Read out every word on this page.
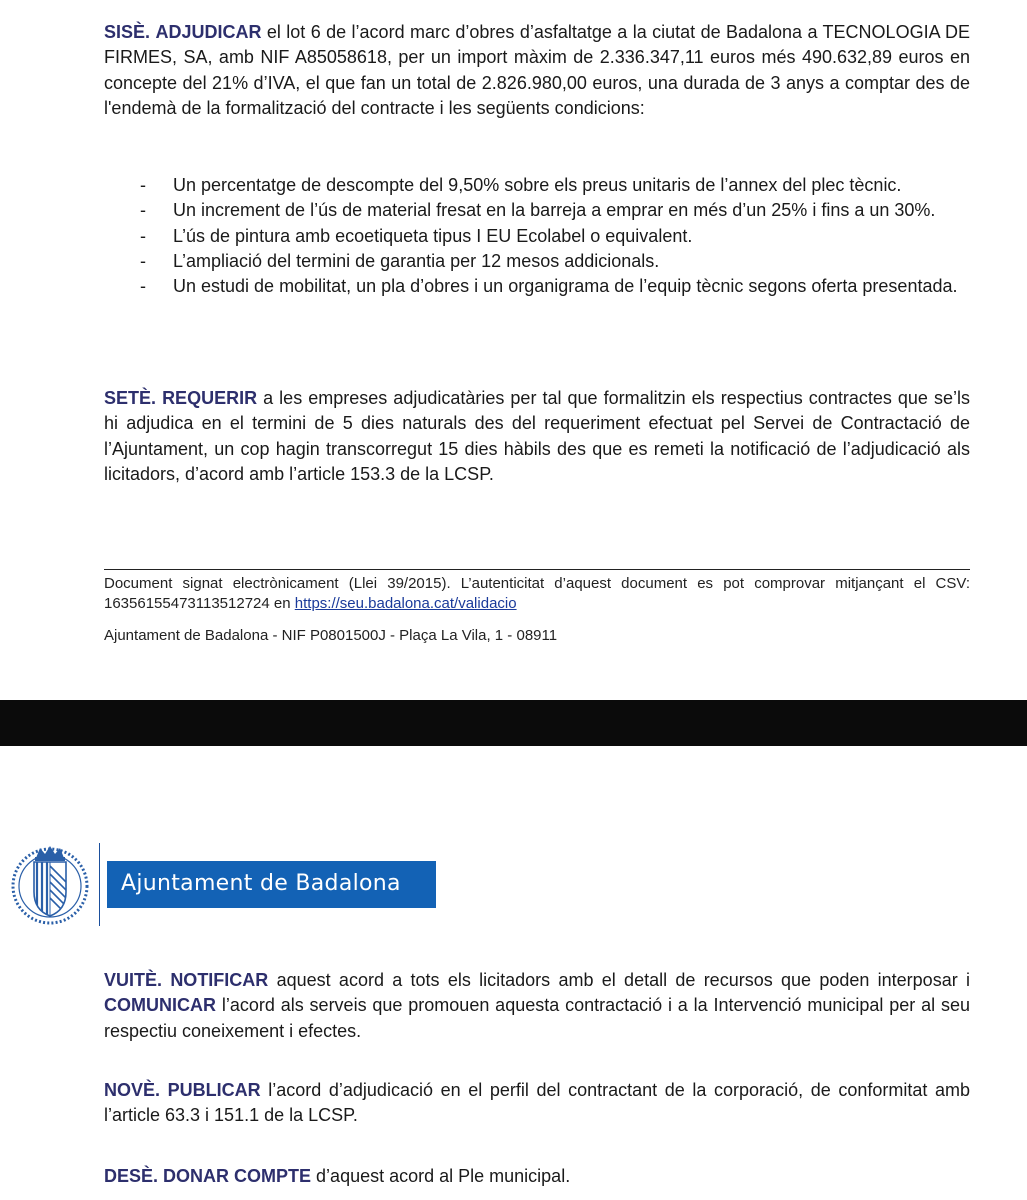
SISÈ. ADJUDICAR el lot 6 de l’acord marc d’obres d’asfaltatge a la ciutat de Badalona a TECNOLOGIA DE FIRMES, SA, amb NIF A85058618, per un import màxim de 2.336.347,11 euros més 490.632,89 euros en concepte del 21% d’IVA, el que fan un total de 2.826.980,00 euros, una durada de 3 anys a comptar des de l'endemà de la formalització del contracte i les següents condicions:

- Un percentatge de descompte del 9,50% sobre els preus unitaris de l’annex del plec tècnic.
- Un increment de l’ús de material fresat en la barreja a emprar en més d’un 25% i fins a un 30%.
- L’ús de pintura amb ecoetiqueta tipus I EU Ecolabel o equivalent.
- L’ampliació del termini de garantia per 12 mesos addicionals.
- Un estudi de mobilitat, un pla d’obres i un organigrama de l’equip tècnic segons oferta presentada.

SETÈ. REQUERIR a les empreses adjudicatàries per tal que formalitzin els respectius contractes que se’ls hi adjudica en el termini de 5 dies naturals des del requeriment efectuat pel Servei de Contractació de l’Ajuntament, un cop hagin transcorregut 15 dies hàbils des que es remeti la notificació de l’adjudicació als licitadors, d’acord amb l’article 153.3 de la LCSP.

Document signat electrònicament (Llei 39/2015). L’autenticitat d’aquest document es pot comprovar mitjançant el CSV: 16356155473113512724 en https://seu.badalona.cat/validacio

Ajuntament de Badalona - NIF P0801500J - Plaça La Vila, 1 - 08911

Ajuntament de Badalona

VUITÈ. NOTIFICAR aquest acord a tots els licitadors amb el detall de recursos que poden interposar i COMUNICAR l’acord als serveis que promouen aquesta contractació i a la Intervenció municipal per al seu respectiu coneixement i efectes.

NOVÈ. PUBLICAR l’acord d’adjudicació en el perfil del contractant de la corporació, de conformitat amb l’article 63.3 i 151.1 de la LCSP.

DESÈ. DONAR COMPTE d’aquest acord al Ple municipal.
